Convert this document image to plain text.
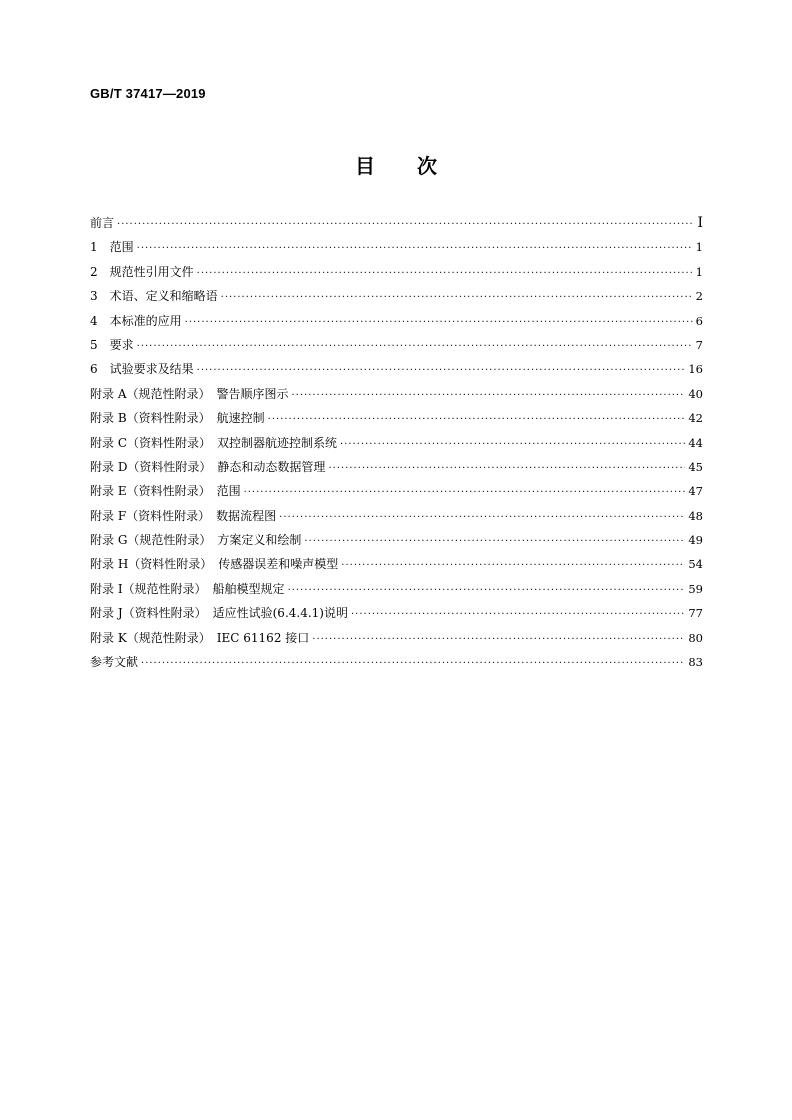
GB/T 37417—2019
目 次
前言 ·····	Ⅰ
1　范围 ·····	1
2　规范性引用文件 ·····	1
3　术语、定义和缩略语 ·····	2
4　本标准的应用 ·····	6
5　要求 ·····	7
6　试验要求及结果 ·····	16
附录 A（规范性附录）　警告顺序图示 ·····	40
附录 B（资料性附录）　航速控制 ·····	42
附录 C（资料性附录）　双控制器航迹控制系统 ·····	44
附录 D（资料性附录）　静态和动态数据管理 ·····	45
附录 E（资料性附录）　范围 ·····	47
附录 F（资料性附录）　数据流程图 ·····	48
附录 G（规范性附录）　方案定义和绘制 ·····	49
附录 H（资料性附录）　传感器误差和噪声模型 ·····	54
附录 I（规范性附录）　船舶模型规定 ·····	59
附录 J（资料性附录）　适应性试验(6.4.4.1)说明 ·····	77
附录 K（规范性附录）　IEC 61162 接口 ·····	80
参考文献 ·····	83
